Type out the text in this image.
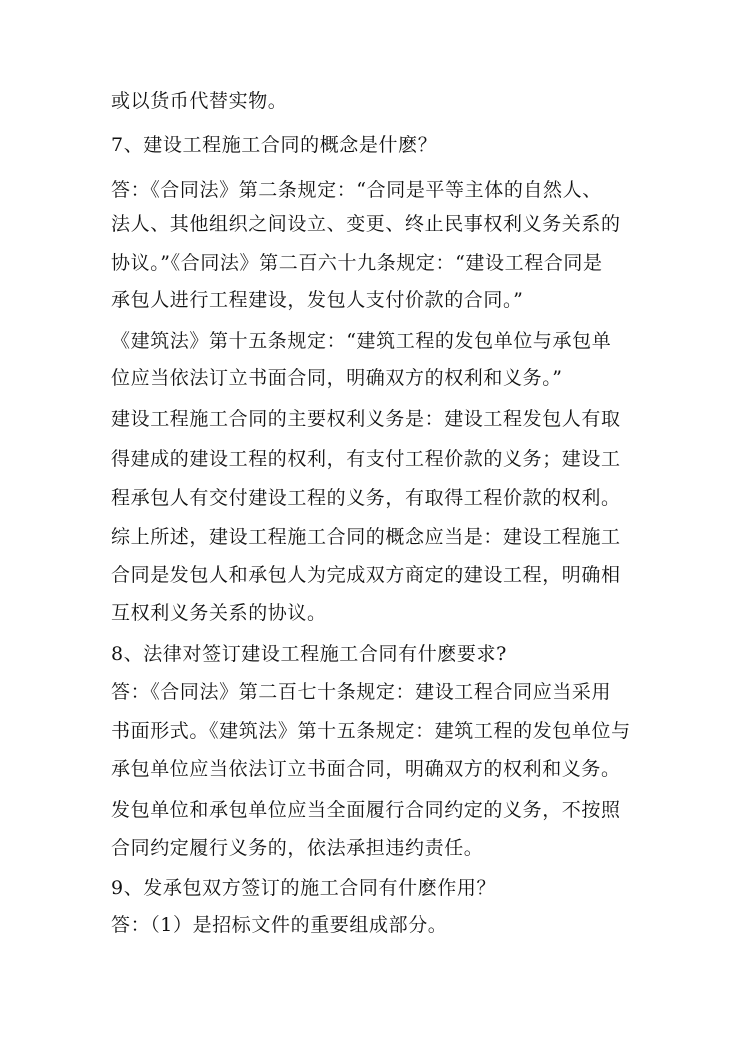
或以货币代替实物。
7、建设工程施工合同的概念是什麽？
答：《合同法》第二条规定：“合同是平等主体的自然人、
法人、其他组织之间设立、变更、终止民事权利义务关系的
协议。”《合同法》第二百六十九条规定：“建设工程合同是
承包人进行工程建设，发包人支付价款的合同。”
《建筑法》第十五条规定：“建筑工程的发包单位与承包单
位应当依法订立书面合同，明确双方的权利和义务。”
建设工程施工合同的主要权利义务是：建设工程发包人有取
得建成的建设工程的权利，有支付工程价款的义务；建设工
程承包人有交付建设工程的义务，有取得工程价款的权利。
综上所述，建设工程施工合同的概念应当是：建设工程施工
合同是发包人和承包人为完成双方商定的建设工程，明确相
互权利义务关系的协议。
8、法律对签订建设工程施工合同有什麽要求?
答：《合同法》第二百七十条规定：建设工程合同应当采用
书面形式。《建筑法》第十五条规定：建筑工程的发包单位与
承包单位应当依法订立书面合同，明确双方的权利和义务。
发包单位和承包单位应当全面履行合同约定的义务，不按照
合同约定履行义务的，依法承担违约责任。
9、发承包双方签订的施工合同有什麽作用？
答：（1）是招标文件的重要组成部分。
